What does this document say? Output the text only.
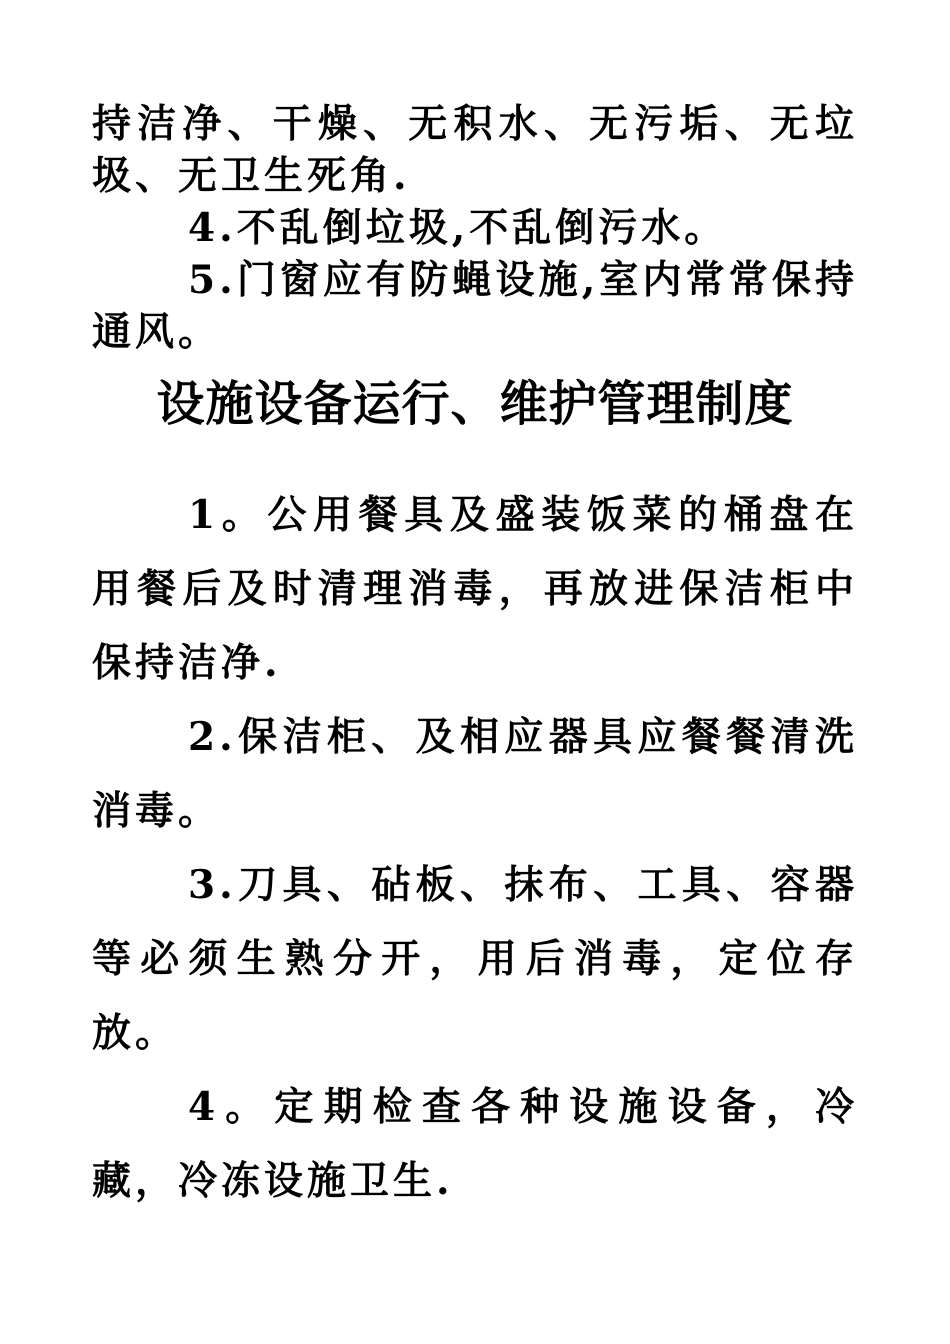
持洁净、干燥、无积水、无污垢、无垃圾、无卫生死角.

4.不乱倒垃圾,不乱倒污水。

5.门窗应有防蝇设施,室内常常保持通风。

设施设备运行、维护管理制度

1。公用餐具及盛装饭菜的桶盘在用餐后及时清理消毒，再放进保洁柜中保持洁净.

2.保洁柜、及相应器具应餐餐清洗消毒。

3.刀具、砧板、抹布、工具、容器等必须生熟分开，用后消毒，定位存放。

4。定期检查各种设施设备，冷藏，冷冻设施卫生.
